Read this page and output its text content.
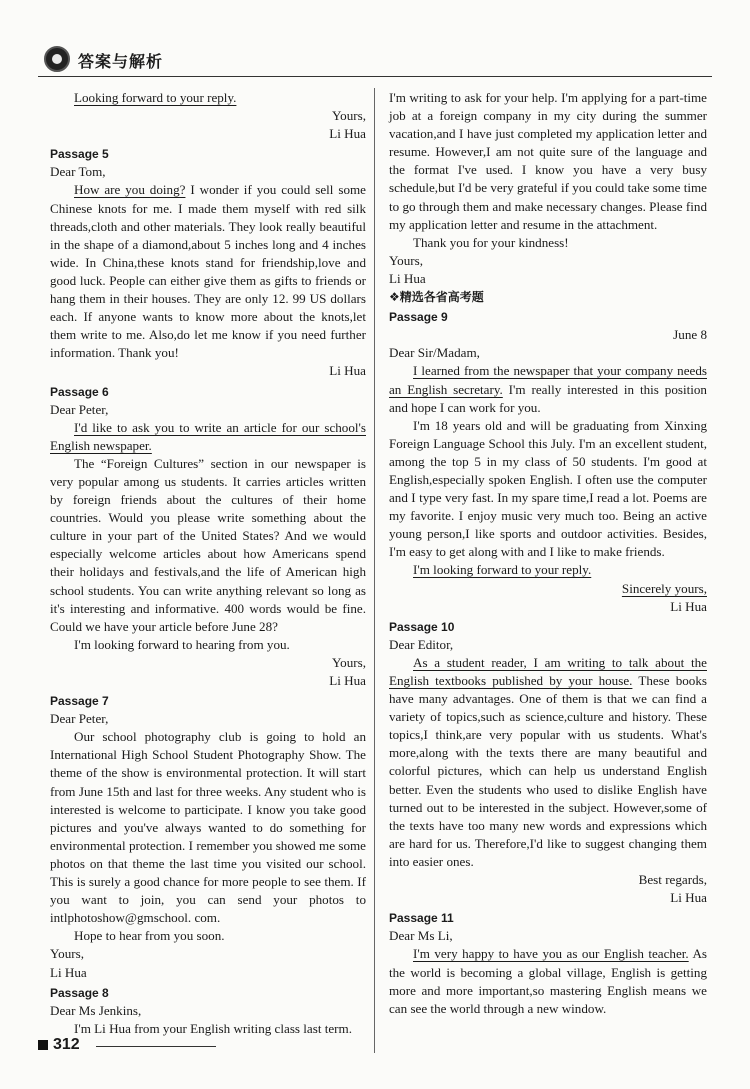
答案与解析

Looking forward to your reply.

Yours,

Li Hua

Passage 5

Dear Tom,

How are you doing? I wonder if you could sell some Chinese knots for me. I made them myself with red silk threads,cloth and other materials. They look really beautiful in the shape of a diamond,about 5 inches long and 4 inches wide. In China,these knots stand for friendship,love and good luck. People can either give them as gifts to friends or hang them in their houses. They are only 12. 99 US dollars each. If anyone wants to know more about the knots,let them write to me. Also,do let me know if you need further information. Thank you!

Li Hua

Passage 6

Dear Peter,

I'd like to ask you to write an article for our school's English newspaper.

The “Foreign Cultures” section in our newspaper is very popular among us students. It carries articles written by foreign friends about the cultures of their home countries. Would you please write something about the culture in your part of the United States? And we would especially welcome articles about how Americans spend their holidays and festivals,and the life of American high school students. You can write anything relevant so long as it's interesting and informative. 400 words would be fine. Could we have your article before June 28?

I'm looking forward to hearing from you.

Yours,

Li Hua

Passage 7

Dear Peter,

Our school photography club is going to hold an International High School Student Photography Show. The theme of the show is environmental protection. It will start from June 15th and last for three weeks. Any student who is interested is welcome to participate. I know you take good pictures and you've always wanted to do something for environmental protection. I remember you showed me some photos on that theme the last time you visited our school. This is surely a good chance for more people to see them. If you want to join, you can send your photos to intlphotoshow@gmschool. com.

Hope to hear from you soon.

Yours,

Li Hua

Passage 8

Dear Ms Jenkins,

I'm Li Hua from your English writing class last term.

I'm writing to ask for your help. I'm applying for a part-time job at a foreign company in my city during the summer vacation,and I have just completed my application letter and resume. However,I am not quite sure of the language and the format I've used. I know you have a very busy schedule,but I'd be very grateful if you could take some time to go through them and make necessary changes. Please find my application letter and resume in the attachment.

Thank you for your kindness!

Yours,

Li Hua

❖精选各省高考题

Passage 9

June 8

Dear Sir/Madam,

I learned from the newspaper that your company needs an English secretary. I'm really interested in this position and hope I can work for you.

I'm 18 years old and will be graduating from Xinxing Foreign Language School this July. I'm an excellent student, among the top 5 in my class of 50 students. I'm good at English,especially spoken English. I often use the computer and I type very fast. In my spare time,I read a lot. Poems are my favorite. I enjoy music very much too. Being an active young person,I like sports and outdoor activities. Besides, I'm easy to get along with and I like to make friends.

I'm looking forward to your reply.

Sincerely yours,

Li Hua

Passage 10

Dear Editor,

As a student reader, I am writing to talk about the English textbooks published by your house. These books have many advantages. One of them is that we can find a variety of topics,such as science,culture and history. These topics,I think,are very popular with us students. What's more,along with the texts there are many beautiful and colorful pictures, which can help us understand English better. Even the students who used to dislike English have turned out to be interested in the subject. However,some of the texts have too many new words and expressions which are hard for us. Therefore,I'd like to suggest changing them into easier ones.

Best regards,

Li Hua

Passage 11

Dear Ms Li,

I'm very happy to have you as our English teacher. As the world is becoming a global village, English is getting more and more important,so mastering English means we can see the world through a new window.

312
